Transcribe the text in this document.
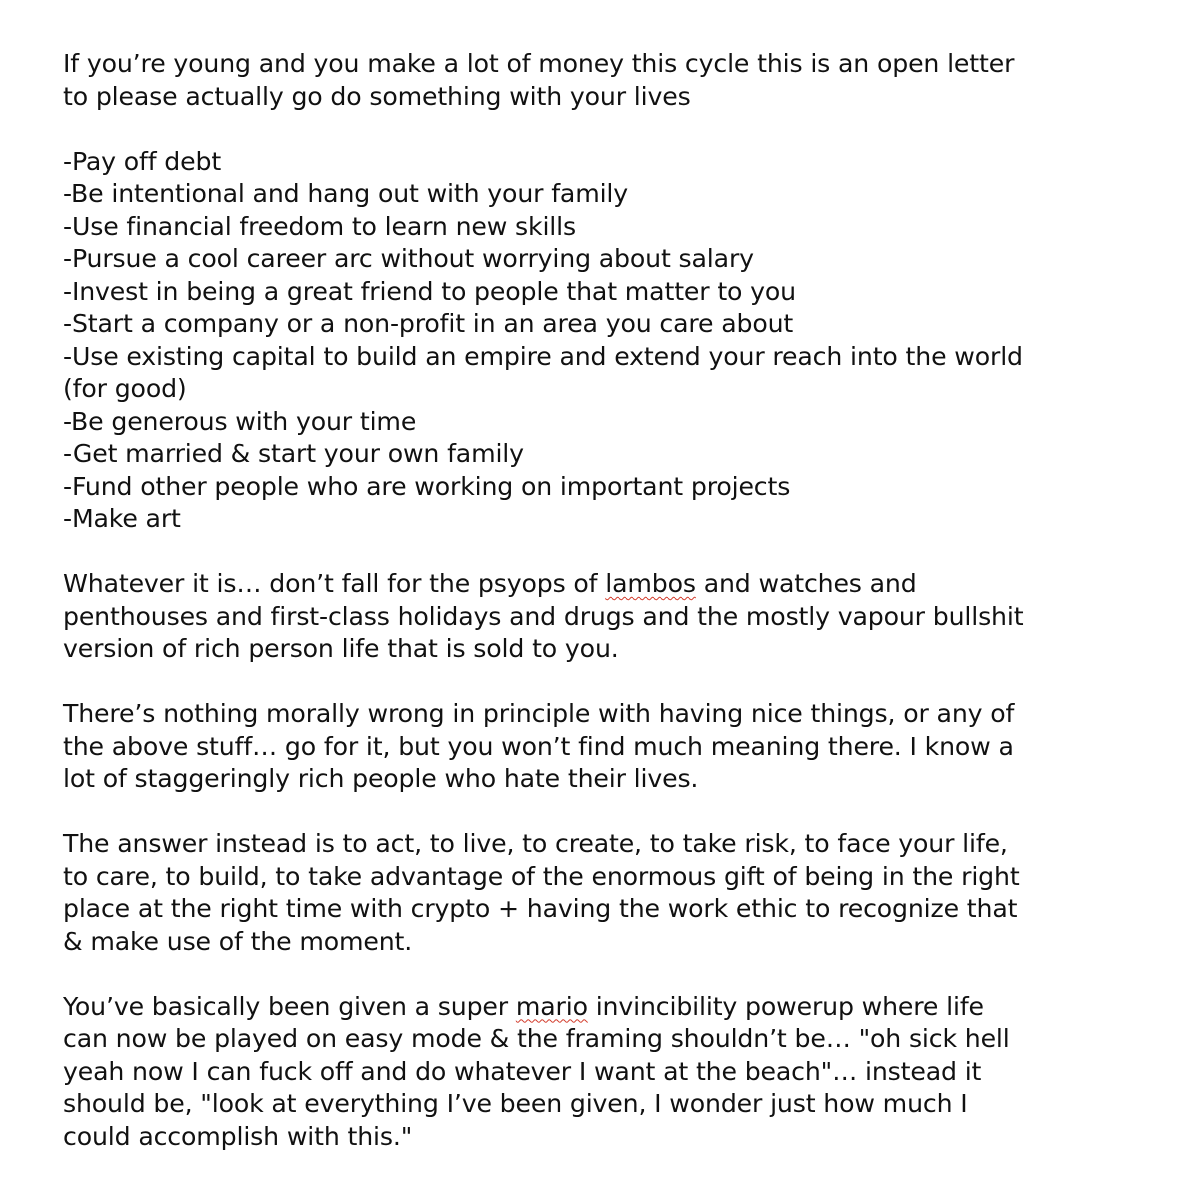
If you’re young and you make a lot of money this cycle this is an open letter
to please actually go do something with your lives

-Pay off debt
-Be intentional and hang out with your family
-Use financial freedom to learn new skills
-Pursue a cool career arc without worrying about salary
-Invest in being a great friend to people that matter to you
-Start a company or a non-profit in an area you care about
-Use existing capital to build an empire and extend your reach into the world
(for good)
-Be generous with your time
-Get married & start your own family
-Fund other people who are working on important projects
-Make art

Whatever it is… don’t fall for the psyops of lambos and watches and
penthouses and first-class holidays and drugs and the mostly vapour bullshit
version of rich person life that is sold to you.

There’s nothing morally wrong in principle with having nice things, or any of
the above stuff… go for it, but you won’t find much meaning there. I know a
lot of staggeringly rich people who hate their lives.

The answer instead is to act, to live, to create, to take risk, to face your life,
to care, to build, to take advantage of the enormous gift of being in the right
place at the right time with crypto + having the work ethic to recognize that
& make use of the moment.

You’ve basically been given a super mario invincibility powerup where life
can now be played on easy mode & the framing shouldn’t be… "oh sick hell
yeah now I can fuck off and do whatever I want at the beach"… instead it
should be, "look at everything I’ve been given, I wonder just how much I
could accomplish with this."
